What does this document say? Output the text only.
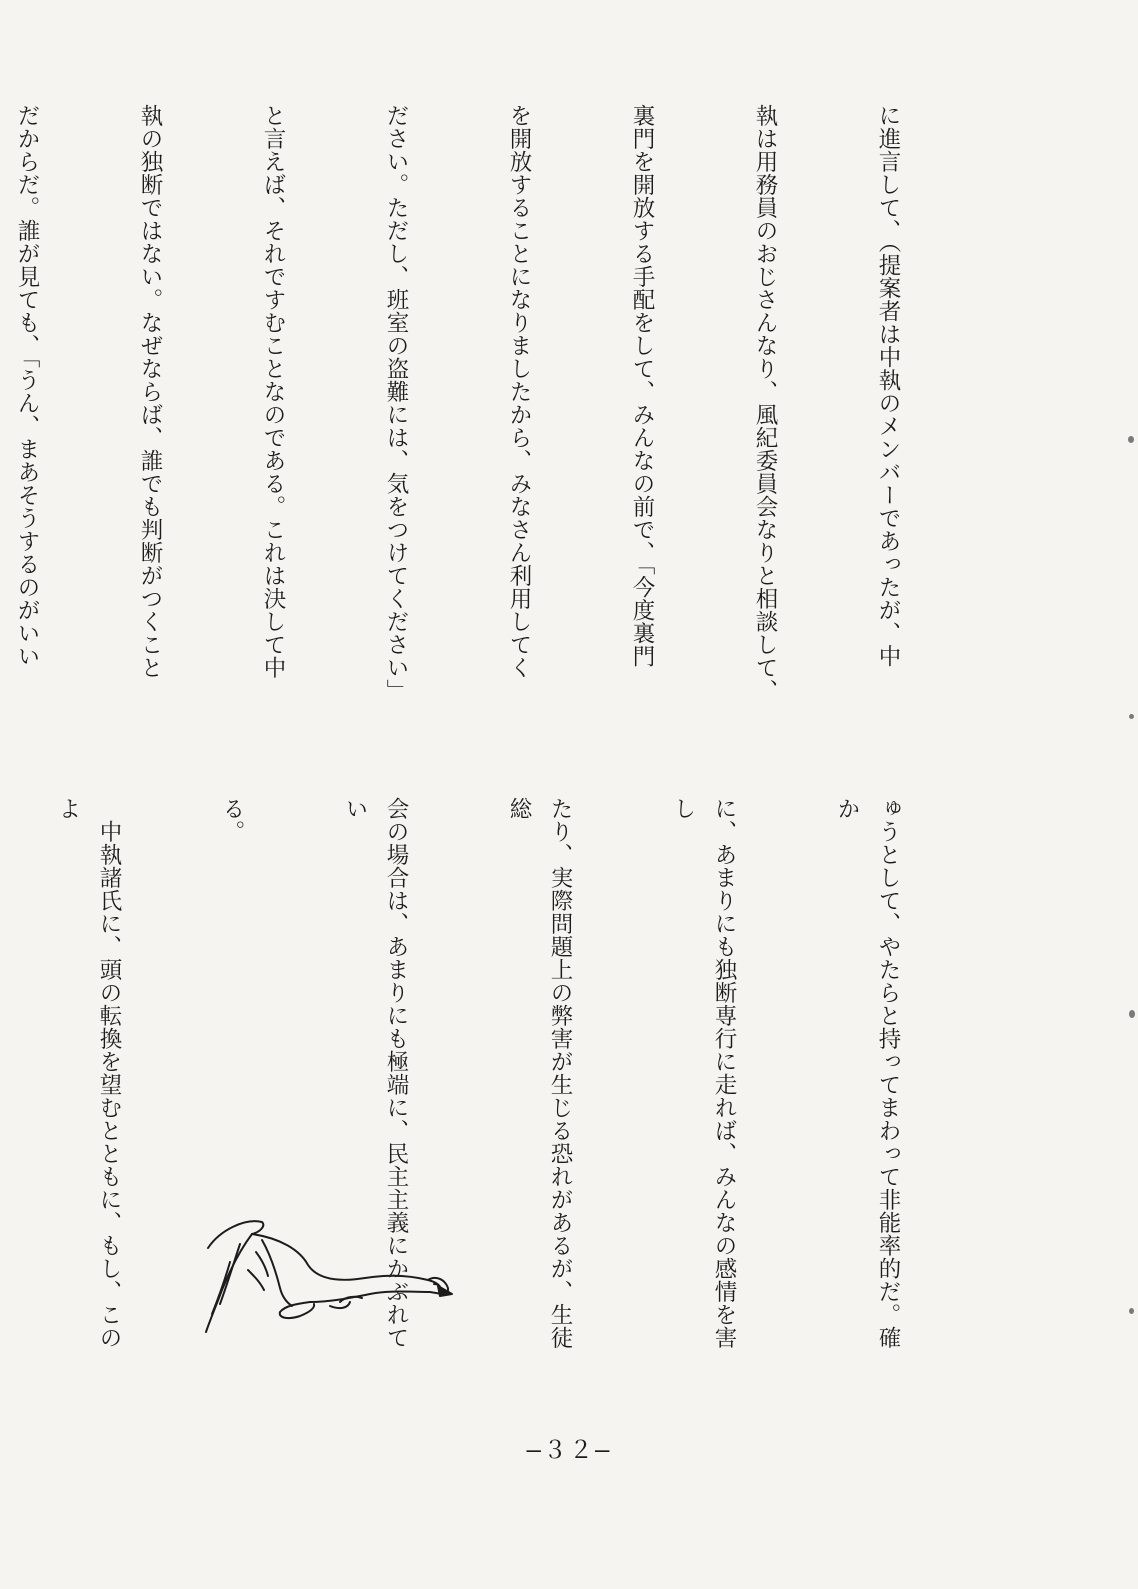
に進言して、（提案者は中執のメンバーであったが、中

執は用務員のおじさんなり、風紀委員会なりと相談して、

裏門を開放する手配をして、みんなの前で、「今度裏門

を開放することになりましたから、みなさん利用してく

ださい。ただし、班室の盗難には、気をつけてください」

と言えば、それですむことなのである。これは決して中

執の独断ではない。なぜならば、誰でも判断がつくこと

だからだ。誰が見ても、「うん、まあそうするのがいい

ゅうとして、やたらと持ってまわって非能率的だ。確か

に、あまりにも独断専行に走れば、みんなの感情を害し

たり、実際問題上の弊害が生じる恐れがあるが、生徒総

会の場合は、あまりにも極端に、民主主義にかぶれてい

る。

　中執諸氏に、頭の転換を望むとともに、もし、このよ

—３２—
